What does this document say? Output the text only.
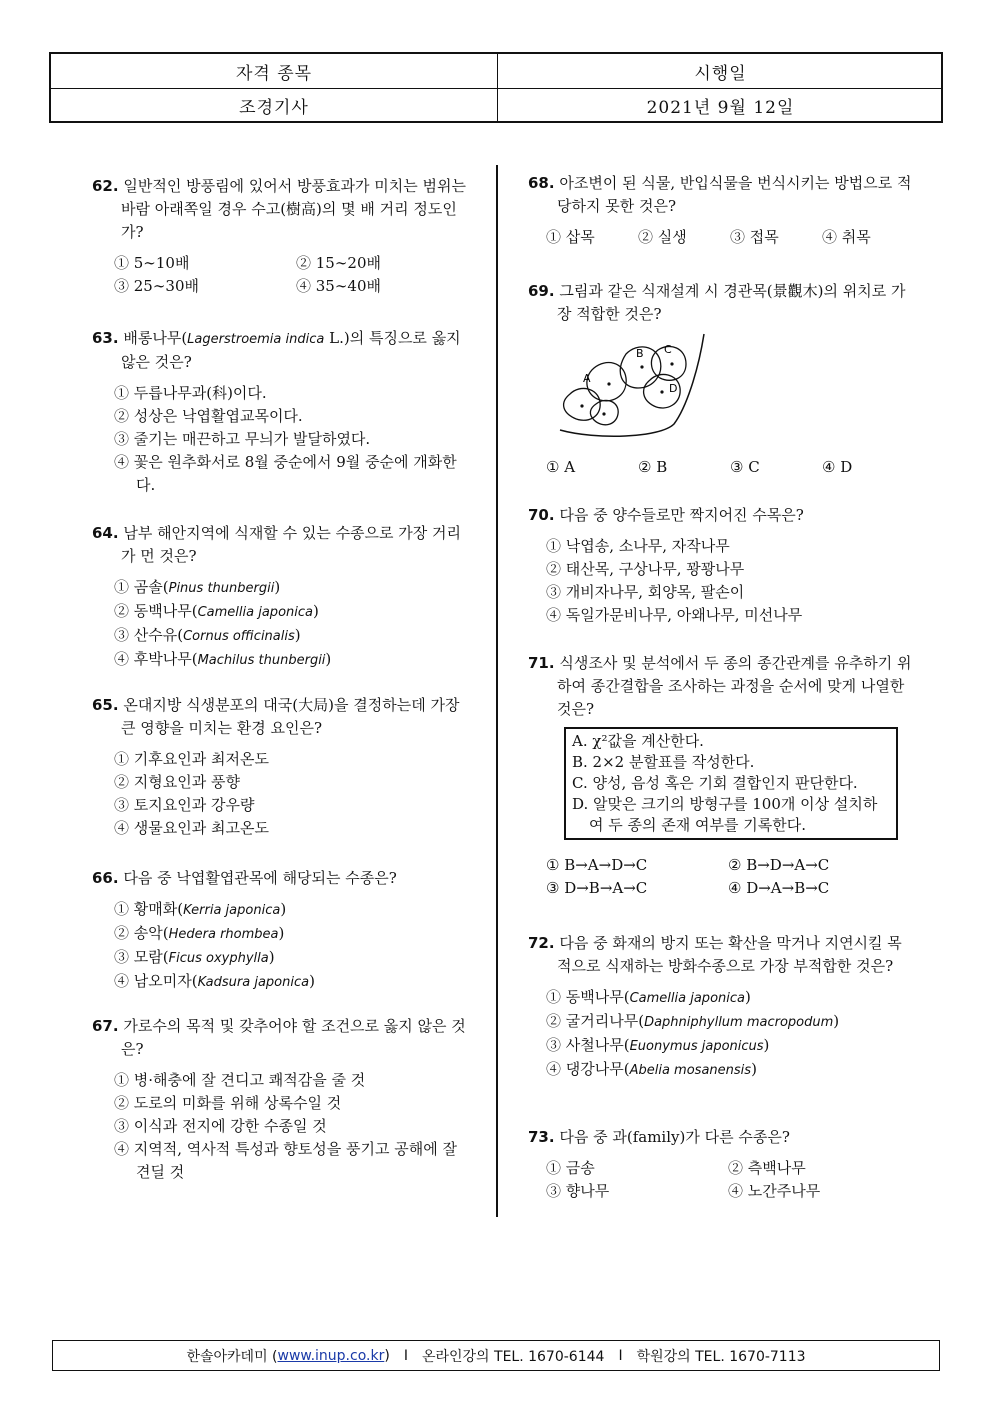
자격 종목	시행일
조경기사	2021년 9월 12일
62. 일반적인 방풍림에 있어서 방풍효과가 미치는 범위는 바람 아래쪽일 경우 수고(樹高)의 몇 배 거리 정도인가?
① 5∼10배	② 15∼20배
③ 25∼30배	④ 35∼40배
63. 배롱나무(Lagerstroemia indica L.)의 특징으로 옳지 않은 것은?
① 두릅나무과(科)이다.
② 성상은 낙엽활엽교목이다.
③ 줄기는 매끈하고 무늬가 발달하였다.
④ 꽃은 원추화서로 8월 중순에서 9월 중순에 개화한다.
64. 남부 해안지역에 식재할 수 있는 수종으로 가장 거리가 먼 것은?
① 곰솔(Pinus thunbergii)
② 동백나무(Camellia japonica)
③ 산수유(Cornus officinalis)
④ 후박나무(Machilus thunbergii)
65. 온대지방 식생분포의 대국(大局)을 결정하는데 가장 큰 영향을 미치는 환경 요인은?
① 기후요인과 최저온도
② 지형요인과 풍향
③ 토지요인과 강우량
④ 생물요인과 최고온도
66. 다음 중 낙엽활엽관목에 해당되는 수종은?
① 황매화(Kerria japonica)
② 송악(Hedera rhombea)
③ 모람(Ficus oxyphylla)
④ 남오미자(Kadsura japonica)
67. 가로수의 목적 및 갖추어야 할 조건으로 옳지 않은 것은?
① 병·해충에 잘 견디고 쾌적감을 줄 것
② 도로의 미화를 위해 상록수일 것
③ 이식과 전지에 강한 수종일 것
④ 지역적, 역사적 특성과 향토성을 풍기고 공해에 잘 견딜 것
68. 아조변이 된 식물, 반입식물을 번식시키는 방법으로 적당하지 못한 것은?
① 삽목	② 실생	③ 접목	④ 취목
69. 그림과 같은 식재설계 시 경관목(景觀木)의 위치로 가장 적합한 것은?
A
B C
D
① A	② B	③ C	④ D
70. 다음 중 양수들로만 짝지어진 수목은?
① 낙엽송, 소나무, 자작나무
② 태산목, 구상나무, 꽝꽝나무
③ 개비자나무, 회양목, 팔손이
④ 독일가문비나무, 아왜나무, 미선나무
71. 식생조사 및 분석에서 두 종의 종간관계를 유추하기 위하여 종간결합을 조사하는 과정을 순서에 맞게 나열한 것은?
A. χ²값을 계산한다.
B. 2×2 분할표를 작성한다.
C. 양성, 음성 혹은 기회 결합인지 판단한다.
D. 알맞은 크기의 방형구를 100개 이상 설치하여 두 종의 존재 여부를 기록한다.
① B→A→D→C	② B→D→A→C
③ D→B→A→C	④ D→A→B→C
72. 다음 중 화재의 방지 또는 확산을 막거나 지연시킬 목적으로 식재하는 방화수종으로 가장 부적합한 것은?
① 동백나무(Camellia japonica)
② 굴거리나무(Daphniphyllum macropodum)
③ 사철나무(Euonymus japonicus)
④ 댕강나무(Abelia mosanensis)
73. 다음 중 과(family)가 다른 수종은?
① 금송	② 측백나무
③ 향나무	④ 노간주나무
한솔아카데미 ( www.inup.co.kr ) I 온라인강의 TEL. 1670-6144 I 학원강의 TEL. 1670-7113
